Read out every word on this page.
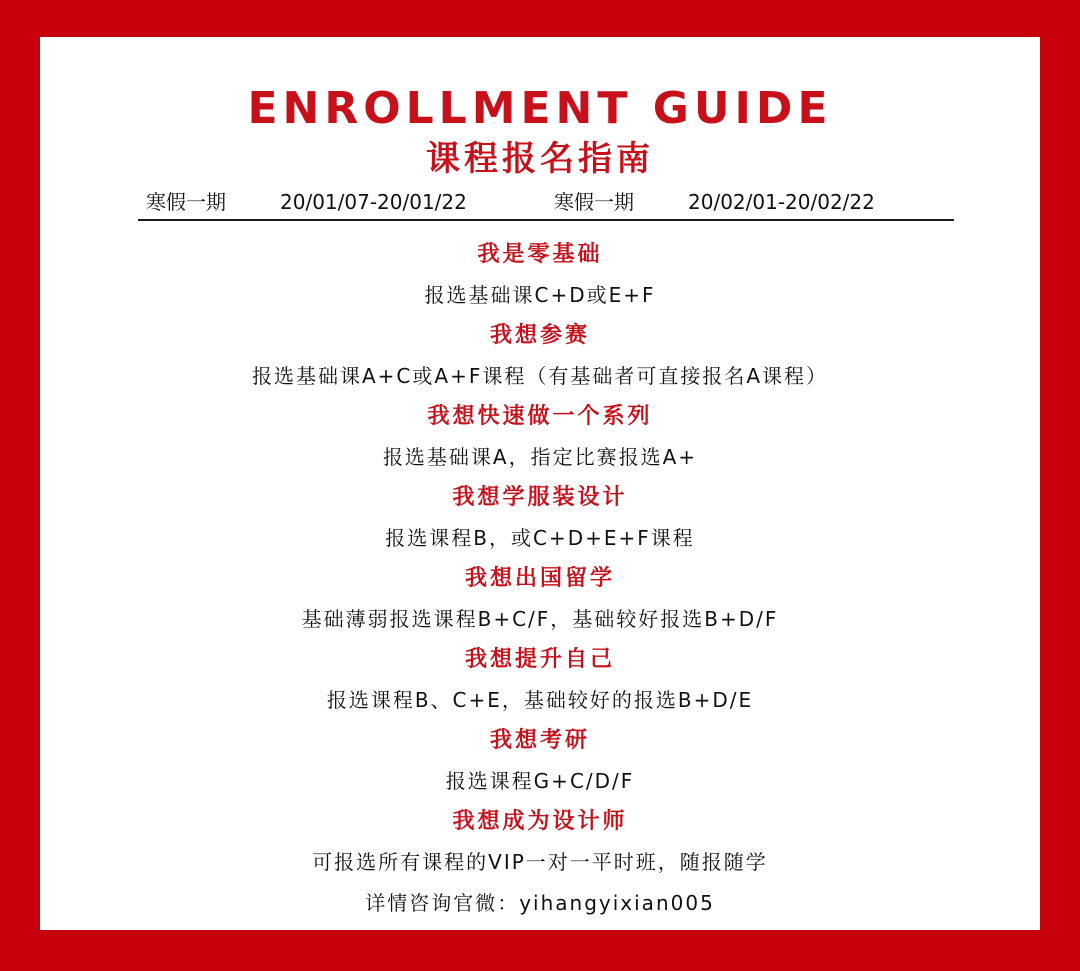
ENROLLMENT GUIDE
课程报名指南
寒假一期	20/01/07-20/01/22	寒假一期	20/02/01-20/02/22
我是零基础
报选基础课C+D或E+F
我想参赛
报选基础课A+C或A+F课程（有基础者可直接报名A课程）
我想快速做一个系列
报选基础课A，指定比赛报选A+
我想学服装设计
报选课程B，或C+D+E+F课程
我想出国留学
基础薄弱报选课程B+C/F，基础较好报选B+D/F
我想提升自己
报选课程B、C+E，基础较好的报选B+D/E
我想考研
报选课程G+C/D/F
我想成为设计师
可报选所有课程的VIP一对一平时班，随报随学
详情咨询官微：yihangyixian005
